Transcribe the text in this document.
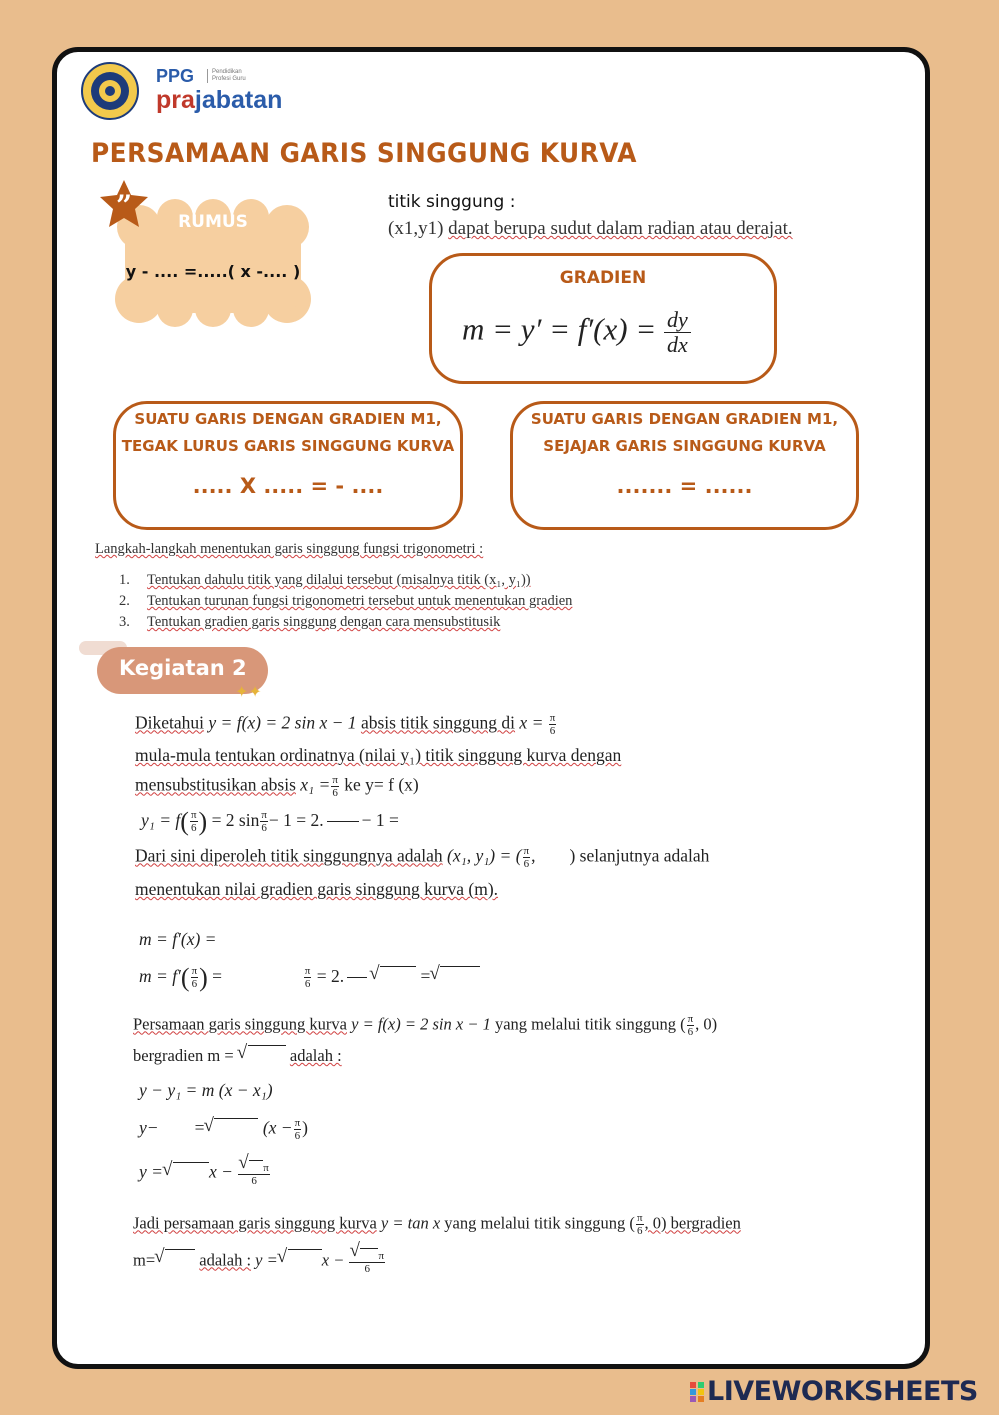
PPG	Pendidikan Profesi Guru
prajabatan
PERSAMAAN GARIS SINGGUNG KURVA
”	RUMUS
y - .... =.....( x -.... )
titik singgung :
(x1,y1) dapat berupa sudut dalam radian atau derajat.
GRADIEN
$m = y' = f'(x) = \frac{dy}{dx}$
SUATU GARIS DENGAN GRADIEN M1,
TEGAK LURUS GARIS SINGGUNG KURVA
..... X ..... = - ....
SUATU GARIS DENGAN GRADIEN M1,
SEJAJAR GARIS SINGGUNG KURVA
....... = ......
Langkah-langkah menentukan garis singgung fungsi trigonometri :
1. Tentukan dahulu titik yang dilalui tersebut (misalnya titik (x₁, y₁))
2. Tentukan turunan fungsi trigonometri tersebut untuk menentukan gradien
3. Tentukan gradien garis singgung dengan cara mensubstitusik
Kegiatan 2
✦✦
Diketahui y = f(x) = 2 sin x − 1 absis titik singgung di $x = \frac{\pi}{6}$
mula-mula tentukan ordinatnya (nilai y₁) titik singgung kurva dengan
mensubstitusikan absis $x_1 = \frac{\pi}{6}$ ke y= f (x)
$y_1 = f( \frac{\pi}{6}$ ) = 2 $\sin \frac{\pi}{6} - 1 = 2$. − 1 =
Dari sini diperoleh titik singgungnya adalah (x₁, y₁) = ( $\frac{\pi}{6}$ , ) selanjutnya adalah
menentukan nilai gradien garis singgung kurva (m).
m = f′(x) =
$m = f'( \frac{\pi}{6}$ ) =	$\frac{\pi}{6} = 2.√$	=√
Persamaan garis singgung kurva y = f(x) = 2 sin x − 1 yang melalui titik singgung ( $\frac{\pi}{6}$ , 0)
bergradien m = √	adalah :
y − y₁ = m (x − x₁)
y− =√	($x - \frac{\pi}{6}$ )
y =√	x −
√ $\frac{\pi}{6}$
Jadi persamaan garis singgung kurva y = tan x yang melalui titik singgung ( $\frac{\pi}{6}$ , 0) bergradien
m=√	adalah : y =√	x −
√ $\frac{\pi}{6}$
LIVEWORKSHEETS
